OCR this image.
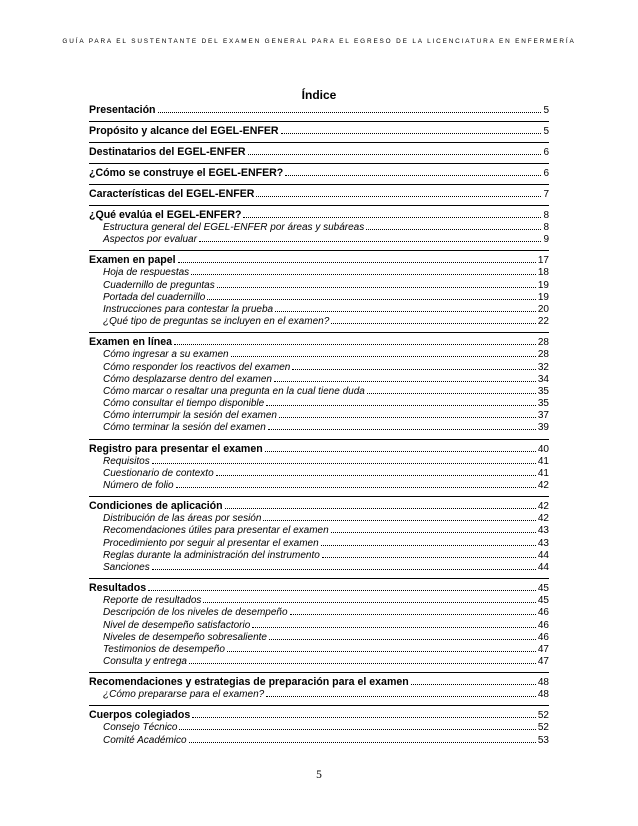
GUÍA PARA EL SUSTENTANTE DEL EXAMEN GENERAL PARA EL EGRESO DE LA LICENCIATURA EN ENFERMERÍA
Índice
Presentación	5
Propósito y alcance del EGEL-ENFER	5
Destinatarios del EGEL-ENFER	6
¿Cómo se construye el EGEL-ENFER?	6
Características del EGEL-ENFER	7
¿Qué evalúa el EGEL-ENFER?	8
Estructura general del EGEL-ENFER por áreas y subáreas	8
Aspectos por evaluar	9
Examen en papel	17
Hoja de respuestas	18
Cuadernillo de preguntas	19
Portada del cuadernillo	19
Instrucciones para contestar la prueba	20
¿Qué tipo de preguntas se incluyen en el examen?	22
Examen en línea	28
Cómo ingresar a su examen	28
Cómo responder los reactivos del examen	32
Cómo desplazarse dentro del examen	34
Cómo marcar o resaltar una pregunta en la cual tiene duda	35
Cómo consultar el tiempo disponible	35
Cómo interrumpir la sesión del examen	37
Cómo terminar la sesión del examen	39
Registro para presentar el examen	40
Requisitos	41
Cuestionario de contexto	41
Número de folio	42
Condiciones de aplicación	42
Distribución de las áreas por sesión	42
Recomendaciones útiles para presentar el examen	43
Procedimiento por seguir al presentar el examen	43
Reglas durante la administración del instrumento	44
Sanciones	44
Resultados	45
Reporte de resultados	45
Descripción de los niveles de desempeño	46
Nivel de desempeño satisfactorio	46
Niveles de desempeño sobresaliente	46
Testimonios de desempeño	47
Consulta y entrega	47
Recomendaciones y estrategias de preparación para el examen	48
¿Cómo prepararse para el examen?	48
Cuerpos colegiados	52
Consejo Técnico	52
Comité Académico	53
5
